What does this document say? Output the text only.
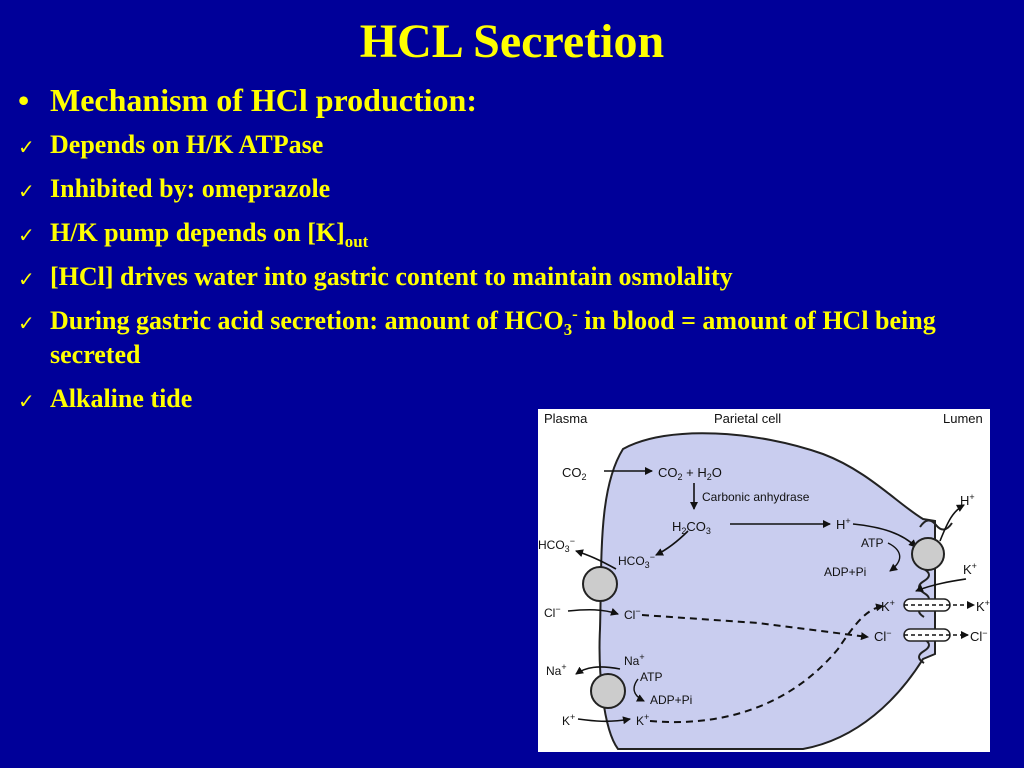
HCL Secretion
• Mechanism of HCl production:
✓ Depends on H/K ATPase
✓ Inhibited by: omeprazole
✓ H/K pump depends on $[K]_{out}$
✓ [HCl] drives water into gastric content to maintain osmolality
✓ During gastric acid secretion: amount of $HCO_3^-$ in blood = amount of HCl being secreted
✓ Alkaline tide
Plasma	Parietal cell	Lumen
$CO_2$	$CO_2 + H_2O$
Carbonic anhydrase
$H_2CO_3$	H+
ATP
ADP+Pi
H+
K+
K+	K+
Cl−	Cl−
$HCO_3^-$
$HCO_3^-$
Cl−	Cl−
Na+	Na+
ATP
ADP+Pi
K+	K+
